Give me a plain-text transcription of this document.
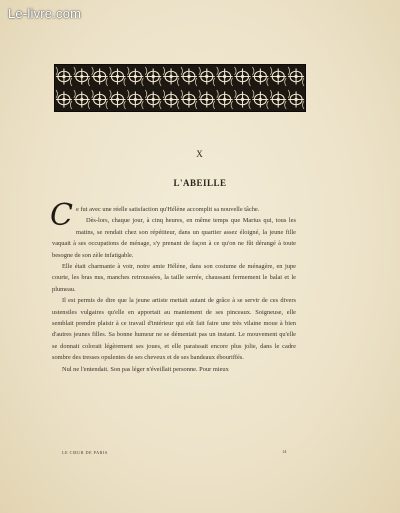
Le-livre.com
X
L'ABEILLE

Ce fut avec une réelle satisfaction qu'Hélène accomplit sa nouvelle tâche.

Dès-lors, chaque jour, à cinq heures, en même temps que Marius qui, tous les matins, se rendait chez son répétiteur, dans un quartier assez éloigné, la jeune fille vaquait à ses occupations de ménage, s'y prenant de façon à ce qu'on ne fût dérangé à toute besogne de son zèle infatigable.

Elle était charmante à voir, notre amie Hélène, dans son costume de ménagère, en jupe courte, les bras nus, manches retroussées, la taille serrée, chaussant fermement le balai et le plumeau.

Il est permis de dire que la jeune artiste mettait autant de grâce à se servir de ces divers ustensiles vulgaires qu'elle en apportait au maniement de ses pinceaux. Soigneuse, elle semblait prendre plaisir à ce travail d'intérieur qui eût fait faire une très vilaine moue à bien d'autres jeunes filles. Sa bonne humeur ne se démentait pas un instant. Le mouvement qu'elle se donnait colorait légèrement ses joues, et elle paraissait encore plus jolie, dans le cadre sombre des tresses opulentes de ses cheveux et de ses bandeaux ébouriffés.

Nul ne l'entendait. Son pas léger n'éveillait personne. Pour mieux

LE CŒUR DE PARIS	14
